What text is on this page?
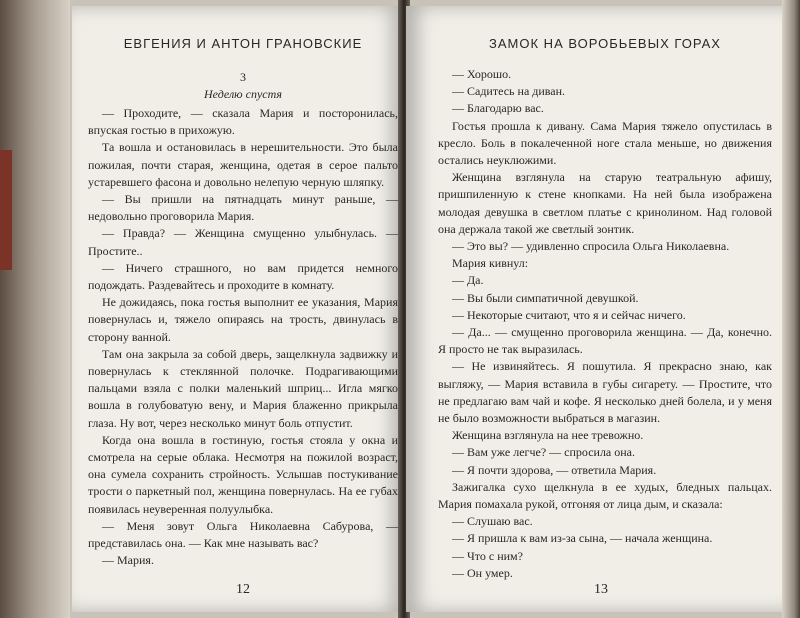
ЕВГЕНИЯ И АНТОН ГРАНОВСКИЕ
3
Неделю спустя

— Проходите, — сказала Мария и посторонилась, впуская гостью в прихожую.

Та вошла и остановилась в нерешительности. Это была пожилая, почти старая, женщина, одетая в серое пальто устаревшего фасона и довольно нелепую черную шляпку.

— Вы пришли на пятнадцать минут раньше, — недовольно проговорила Мария.

— Правда? — Женщина смущенно улыбнулась. — Простите..

— Ничего страшного, но вам придется немного подождать. Раздевайтесь и проходите в комнату.

Не дожидаясь, пока гостья выполнит ее указания, Мария повернулась и, тяжело опираясь на трость, двинулась в сторону ванной.

Там она закрыла за собой дверь, защелкнула задвижку и повернулась к стеклянной полочке. Подрагивающими пальцами взяла с полки маленький шприц... Игла мягко вошла в голубоватую вену, и Мария блаженно прикрыла глаза. Ну вот, через несколько минут боль отпустит.

Когда она вошла в гостиную, гостья стояла у окна и смотрела на серые облака. Несмотря на пожилой возраст, она сумела сохранить стройность. Услышав постукивание трости о паркетный пол, женщина повернулась. На ее губах появилась неуверенная полуулыбка.

— Меня зовут Ольга Николаевна Сабурова, — представилась она. — Как мне называть вас?

— Мария.

12
ЗАМОК НА ВОРОБЬЕВЫХ ГОРАХ

— Хорошо.

— Садитесь на диван.

— Благодарю вас.

Гостья прошла к дивану. Сама Мария тяжело опустилась в кресло. Боль в покалеченной ноге стала меньше, но движения остались неуклюжими.

Женщина взглянула на старую театральную афишу, пришпиленную к стене кнопками. На ней была изображена молодая девушка в светлом платье с кринолином. Над головой она держала такой же светлый зонтик.

— Это вы? — удивленно спросила Ольга Николаевна.

Мария кивнул:

— Да.

— Вы были симпатичной девушкой.

— Некоторые считают, что я и сейчас ничего.

— Да... — смущенно проговорила женщина. — Да, конечно. Я просто не так выразилась.

— Не извиняйтесь. Я пошутила. Я прекрасно знаю, как выгляжу, — Мария вставила в губы сигарету. — Простите, что не предлагаю вам чай и кофе. Я несколько дней болела, и у меня не было возможности выбраться в магазин.

Женщина взглянула на нее тревожно.

— Вам уже легче? — спросила она.

— Я почти здорова, — ответила Мария.

Зажигалка сухо щелкнула в ее худых, бледных пальцах. Мария помахала рукой, отгоняя от лица дым, и сказала:

— Слушаю вас.

— Я пришла к вам из-за сына, — начала женщина.

— Что с ним?

— Он умер.

13
